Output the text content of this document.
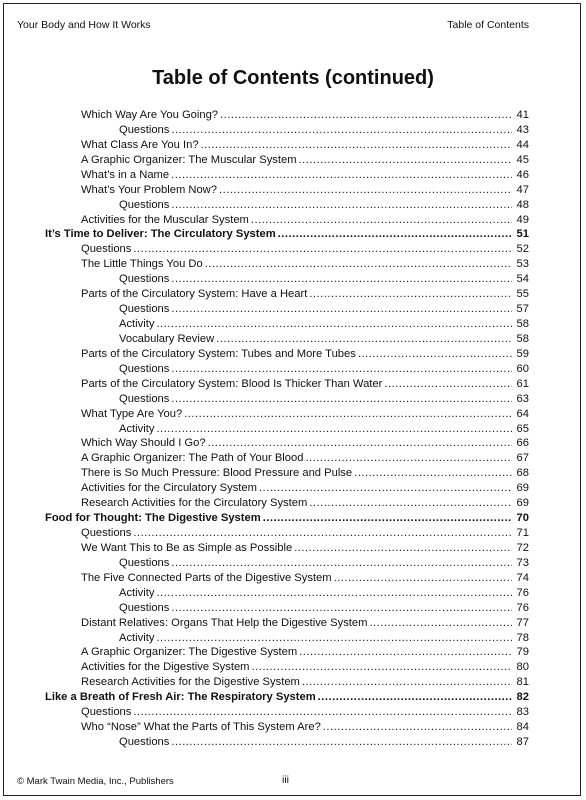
Your Body and How It Works	Table of Contents
Table of Contents (continued)
Which Way Are You Going? .....	41
Questions .....	43
What Class Are You In? .....	44
A Graphic Organizer: The Muscular System .....	45
What’s in a Name .....	46
What’s Your Problem Now? .....	47
Questions .....	48
Activities for the Muscular System .....	49
It’s Time to Deliver: The Circulatory System .....	51
Questions .....	52
The Little Things You Do .....	53
Questions .....	54
Parts of the Circulatory System: Have a Heart .....	55
Questions .....	57
Activity .....	58
Vocabulary Review .....	58
Parts of the Circulatory System: Tubes and More Tubes .....	59
Questions .....	60
Parts of the Circulatory System: Blood Is Thicker Than Water .....	61
Questions .....	63
What Type Are You? .....	64
Activity .....	65
Which Way Should I Go? .....	66
A Graphic Organizer: The Path of Your Blood .....	67
There is So Much Pressure: Blood Pressure and Pulse .....	68
Activities for the Circulatory System .....	69
Research Activities for the Circulatory System .....	69
Food for Thought: The Digestive System .....	70
Questions .....	71
We Want This to Be as Simple as Possible .....	72
Questions .....	73
The Five Connected Parts of the Digestive System .....	74
Activity .....	76
Questions .....	76
Distant Relatives: Organs That Help the Digestive System .....	77
Activity .....	78
A Graphic Organizer: The Digestive System .....	79
Activities for the Digestive System .....	80
Research Activities for the Digestive System .....	81
Like a Breath of Fresh Air: The Respiratory System .....	82
Questions .....	83
Who “Nose” What the Parts of This System Are? .....	84
Questions .....	87
© Mark Twain Media, Inc., Publishers	iii
